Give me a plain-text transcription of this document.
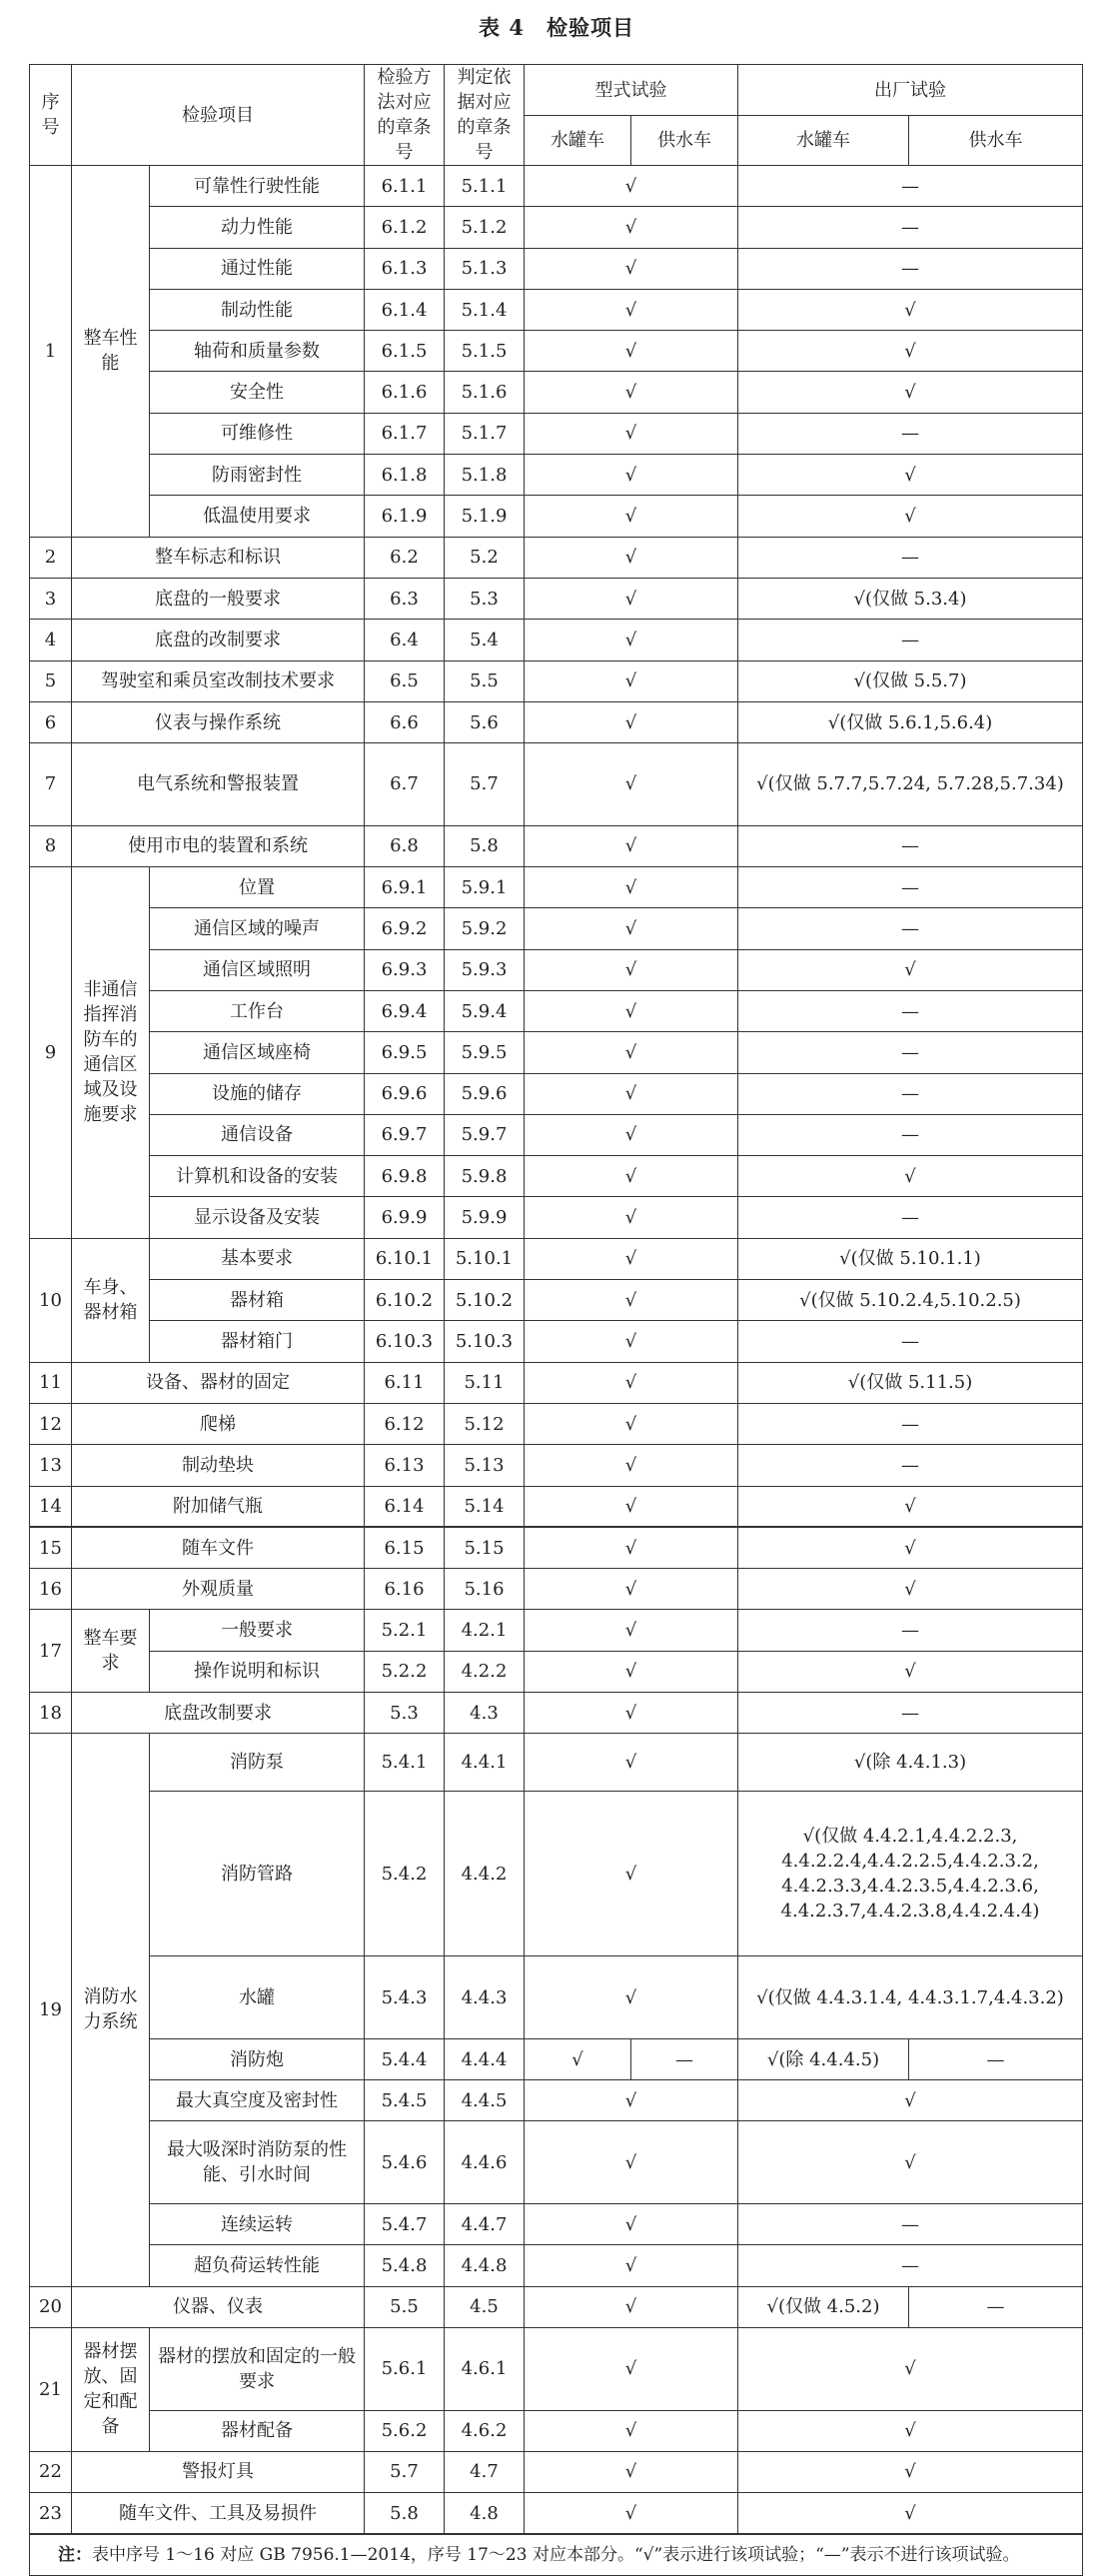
表 4　检验项目
序号	检验项目		检验方法对应的章条号	判定依据对应的章条号	型式试验		出厂试验	
					水罐车	供水车	水罐车	供水车
1	整车性能	可靠性行驶性能	6.1.1	5.1.1	√		—	
		动力性能	6.1.2	5.1.2	√		—	
		通过性能	6.1.3	5.1.3	√		—	
		制动性能	6.1.4	5.1.4	√		√	
		轴荷和质量参数	6.1.5	5.1.5	√		√	
		安全性	6.1.6	5.1.6	√		√	
		可维修性	6.1.7	5.1.7	√		—	
		防雨密封性	6.1.8	5.1.8	√		√	
		低温使用要求	6.1.9	5.1.9	√		√	
2	整车标志和标识		6.2	5.2	√		—	
3	底盘的一般要求		6.3	5.3	√		√(仅做 5.3.4)	
4	底盘的改制要求		6.4	5.4	√		—	
5	驾驶室和乘员室改制技术要求		6.5	5.5	√		√(仅做 5.5.7)	
6	仪表与操作系统		6.6	5.6	√		√(仅做 5.6.1,5.6.4)	
7	电气系统和警报装置		6.7	5.7	√		√(仅做 5.7.7,5.7.24, 5.7.28,5.7.34)	
8	使用市电的装置和系统		6.8	5.8	√		—	
9	非通信指挥消防车的通信区域及设施要求	位置	6.9.1	5.9.1	√		—	
		通信区域的噪声	6.9.2	5.9.2	√		—	
		通信区域照明	6.9.3	5.9.3	√		√	
		工作台	6.9.4	5.9.4	√		—	
		通信区域座椅	6.9.5	5.9.5	√		—	
		设施的储存	6.9.6	5.9.6	√		—	
		通信设备	6.9.7	5.9.7	√		—	
		计算机和设备的安装	6.9.8	5.9.8	√		√	
		显示设备及安装	6.9.9	5.9.9	√		—	
10	车身、器材箱	基本要求	6.10.1	5.10.1	√		√(仅做 5.10.1.1)	
		器材箱	6.10.2	5.10.2	√		√(仅做 5.10.2.4,5.10.2.5)	
		器材箱门	6.10.3	5.10.3	√		—	
11	设备、器材的固定		6.11	5.11	√		√(仅做 5.11.5)	
12	爬梯		6.12	5.12	√		—	
13	制动垫块		6.13	5.13	√		—	
14	附加储气瓶		6.14	5.14	√		√	
15	随车文件		6.15	5.15	√		√	
16	外观质量		6.16	5.16	√		√	
17	整车要求	一般要求	5.2.1	4.2.1	√		—	
		操作说明和标识	5.2.2	4.2.2	√		√	
18	底盘改制要求		5.3	4.3	√		—	
19	消防水力系统	消防泵	5.4.1	4.4.1	√		√(除 4.4.1.3)	
		消防管路	5.4.2	4.4.2	√		√(仅做 4.4.2.1,4.4.2.2.3, 4.4.2.2.4,4.4.2.2.5,4.4.2.3.2, 4.4.2.3.3,4.4.2.3.5,4.4.2.3.6, 4.4.2.3.7,4.4.2.3.8,4.4.2.4.4)	
		水罐	5.4.3	4.4.3	√		√(仅做 4.4.3.1.4, 4.4.3.1.7,4.4.3.2)	
		消防炮	5.4.4	4.4.4	√	—	√(除 4.4.4.5)	—
		最大真空度及密封性	5.4.5	4.4.5	√		√	
		最大吸深时消防泵的性能、引水时间	5.4.6	4.4.6	√		√	
		连续运转	5.4.7	4.4.7	√		—	
		超负荷运转性能	5.4.8	4.4.8	√		—	
20	仪器、仪表		5.5	4.5	√		√(仅做 4.5.2)	—
21	器材摆放、固定和配备	器材的摆放和固定的一般要求	5.6.1	4.6.1	√		√	
		器材配备	5.6.2	4.6.2	√		√	
22	警报灯具		5.7	4.7	√		√	
23	随车文件、工具及易损件		5.8	4.8	√		√	
注：表中序号 1～16 对应 GB 7956.1—2014，序号 17～23 对应本部分。“√”表示进行该项试验；“—”表示不进行该项试验。								
